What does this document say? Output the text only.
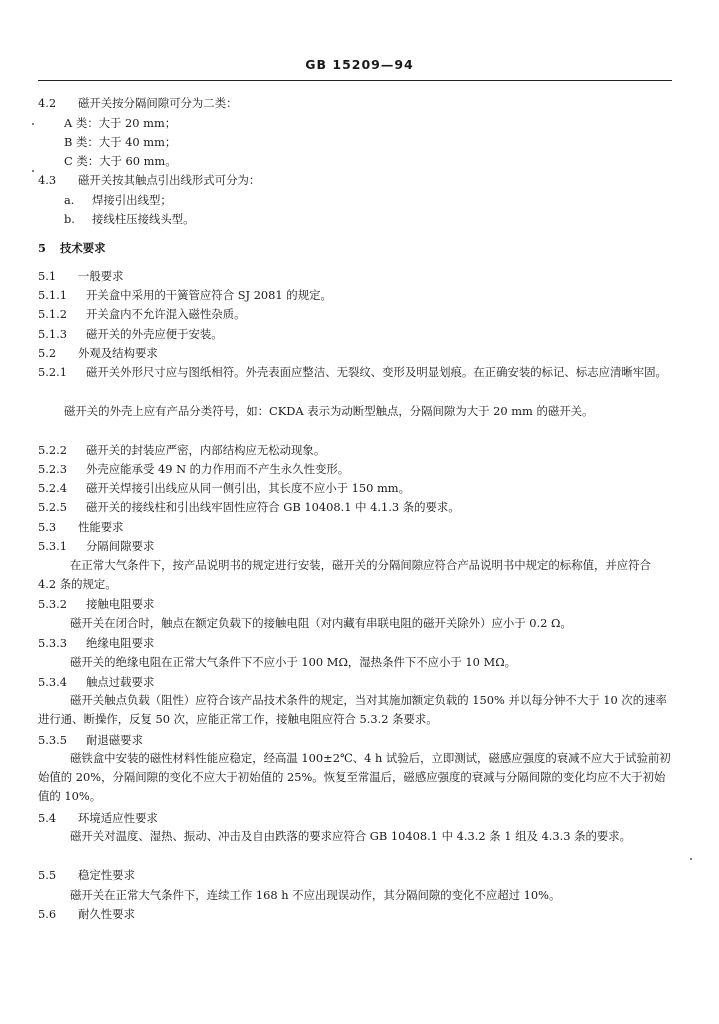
GB 15209—94
4.2 磁开关按分隔间隙可分为二类：
A 类：大于 20 mm；
B 类：大于 40 mm；
C 类：大于 60 mm。
4.3 磁开关按其触点引出线形式可分为：
a. 焊接引出线型；
b. 接线柱压接线头型。
5 技术要求
5.1 一般要求
5.1.1 开关盒中采用的干簧管应符合 SJ 2081 的规定。
5.1.2 开关盒内不允许混入磁性杂质。
5.1.3 磁开关的外壳应便于安装。
5.2 外观及结构要求
5.2.1 磁开关外形尺寸应与图纸相符。外壳表面应整洁、无裂纹、变形及明显划痕。在正确安装的标记、标志应清晰牢固。
磁开关的外壳上应有产品分类符号，如：CKDA 表示为动断型触点，分隔间隙为大于 20 mm 的磁开关。
5.2.2 磁开关的封装应严密，内部结构应无松动现象。
5.2.3 外壳应能承受 49 N 的力作用而不产生永久性变形。
5.2.4 磁开关焊接引出线应从同一侧引出，其长度不应小于 150 mm。
5.2.5 磁开关的接线柱和引出线牢固性应符合 GB 10408.1 中 4.1.3 条的要求。
5.3 性能要求
5.3.1 分隔间隙要求
在正常大气条件下，按产品说明书的规定进行安装，磁开关的分隔间隙应符合产品说明书中规定的标称值，并应符合 4.2 条的规定。
5.3.2 接触电阻要求
磁开关在闭合时，触点在额定负载下的接触电阻（对内藏有串联电阻的磁开关除外）应小于 0.2 Ω。
5.3.3 绝缘电阻要求
磁开关的绝缘电阻在正常大气条件下不应小于 100 MΩ，湿热条件下不应小于 10 MΩ。
5.3.4 触点过载要求
磁开关触点负载（阻性）应符合该产品技术条件的规定，当对其施加额定负载的 150% 并以每分钟不大于 10 次的速率进行通、断操作，反复 50 次，应能正常工作，接触电阻应符合 5.3.2 条要求。
5.3.5 耐退磁要求
磁铁盒中安装的磁性材料性能应稳定，经高温 100±2℃、4 h 试验后，立即测试，磁感应强度的衰减不应大于试验前初始值的 20%，分隔间隙的变化不应大于初始值的 25%。恢复至常温后，磁感应强度的衰减与分隔间隙的变化均应不大于初始值的 10%。
5.4 环境适应性要求
磁开关对温度、湿热、振动、冲击及自由跌落的要求应符合 GB 10408.1 中 4.3.2 条 1 组及 4.3.3 条的要求。
5.5 稳定性要求
磁开关在正常大气条件下，连续工作 168 h 不应出现误动作，其分隔间隙的变化不应超过 10%。
5.6 耐久性要求
